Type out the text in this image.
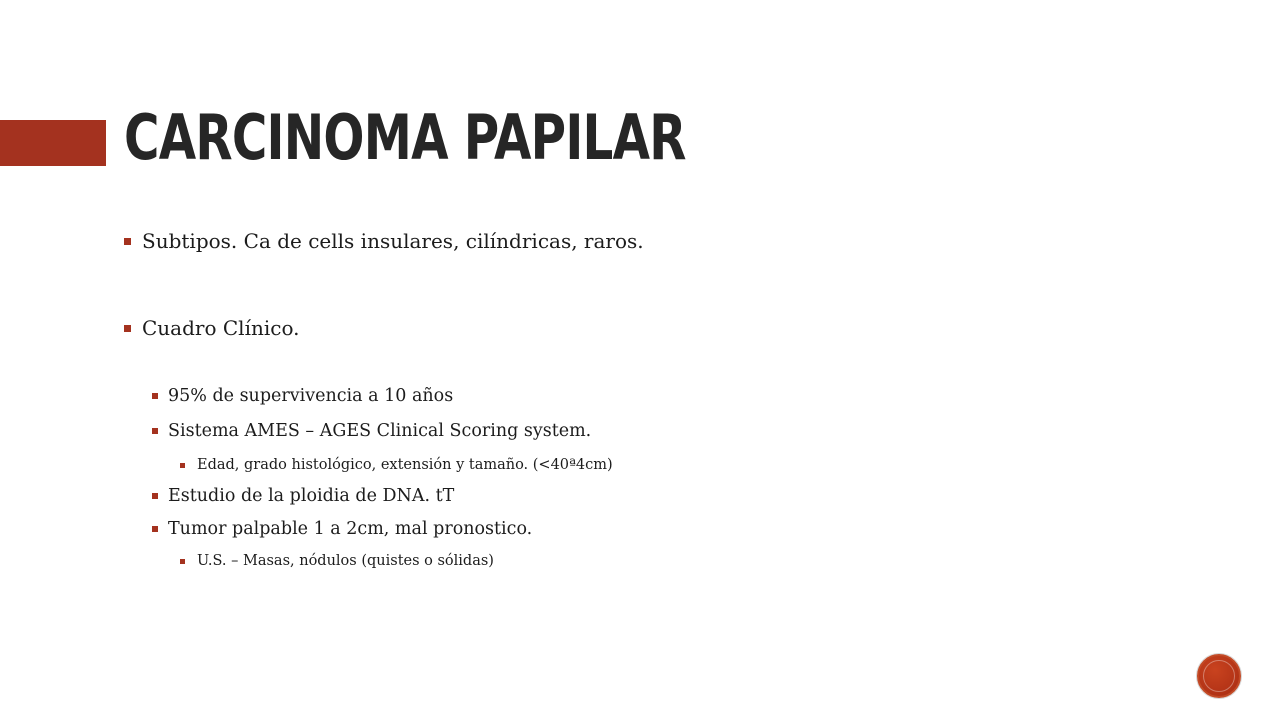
CARCINOMA PAPILAR
Subtipos. Ca de cells insulares, cilíndricas, raros.
Cuadro Clínico.
95% de supervivencia a 10 años
Sistema AMES – AGES Clinical Scoring system.
Edad, grado histológico, extensión y tamaño. (<40ª4cm)
Estudio de la ploidia de DNA. tT
Tumor palpable 1 a 2cm, mal pronostico.
U.S. – Masas, nódulos (quistes o sólidas)
